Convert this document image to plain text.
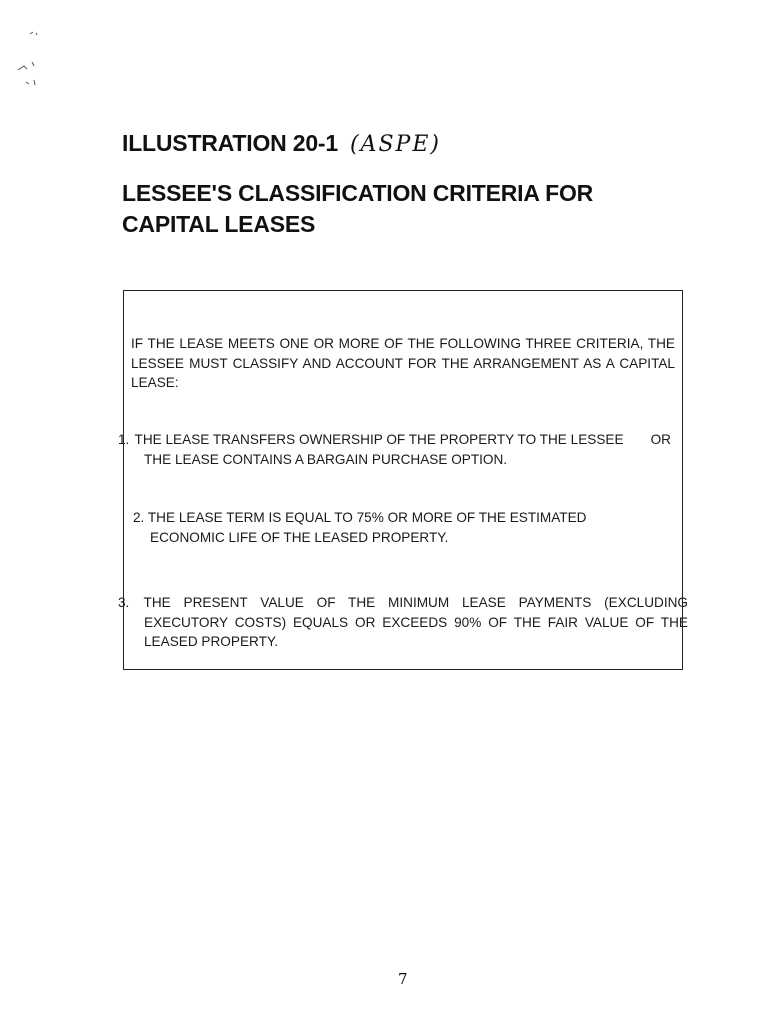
ILLUSTRATION 20-1 (ASPE)
LESSEE'S CLASSIFICATION CRITERIA FOR
CAPITAL LEASES
IF THE LEASE MEETS ONE OR MORE OF THE FOLLOWING THREE CRITERIA, THE LESSEE MUST CLASSIFY AND ACCOUNT FOR THE ARRANGEMENT AS A CAPITAL LEASE:
1. THE LEASE TRANSFERS OWNERSHIP OF THE PROPERTY TO THE LESSEE	OR
THE LEASE CONTAINS A BARGAIN PURCHASE OPTION.
2. THE LEASE TERM IS EQUAL TO 75% OR MORE OF THE ESTIMATED
ECONOMIC LIFE OF THE LEASED PROPERTY.
3. THE PRESENT VALUE OF THE MINIMUM LEASE PAYMENTS (EXCLUDING EXECUTORY COSTS) EQUALS OR EXCEEDS 90% OF THE FAIR VALUE OF THE LEASED PROPERTY.
7
